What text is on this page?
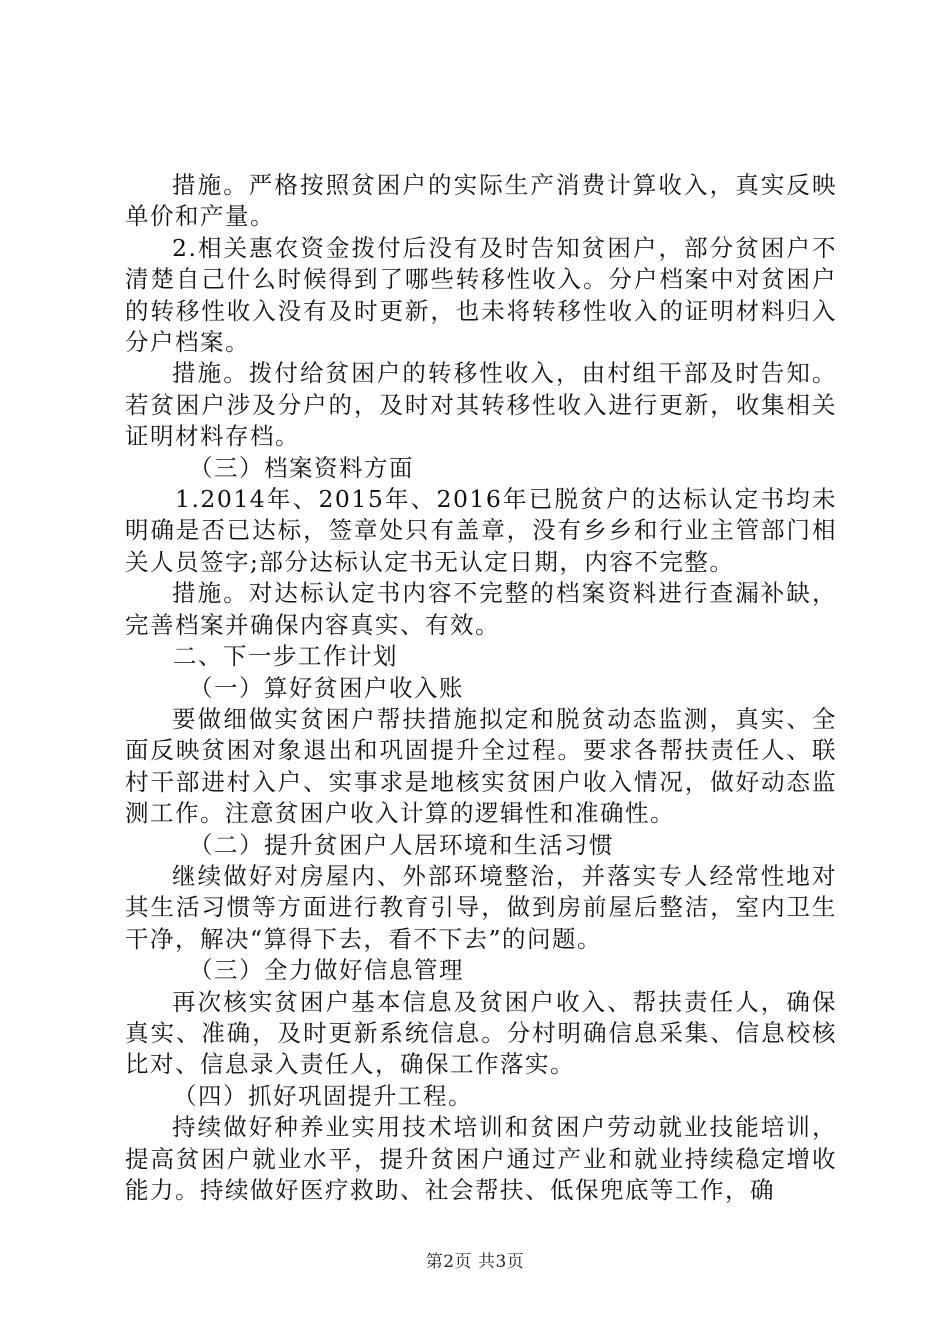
措施。严格按照贫困户的实际生产消费计算收入，真实反映单价和产量。

2.相关惠农资金拨付后没有及时告知贫困户，部分贫困户不清楚自己什么时候得到了哪些转移性收入。分户档案中对贫困户的转移性收入没有及时更新，也未将转移性收入的证明材料归入分户档案。

措施。拨付给贫困户的转移性收入，由村组干部及时告知。若贫困户涉及分户的，及时对其转移性收入进行更新，收集相关证明材料存档。

（三）档案资料方面

1.2014年、2015年、2016年已脱贫户的达标认定书均未明确是否已达标，签章处只有盖章，没有乡乡和行业主管部门相关人员签字;部分达标认定书无认定日期，内容不完整。

措施。对达标认定书内容不完整的档案资料进行查漏补缺，完善档案并确保内容真实、有效。

二、下一步工作计划

（一）算好贫困户收入账

要做细做实贫困户帮扶措施拟定和脱贫动态监测，真实、全面反映贫困对象退出和巩固提升全过程。要求各帮扶责任人、联村干部进村入户、实事求是地核实贫困户收入情况，做好动态监测工作。注意贫困户收入计算的逻辑性和准确性。

（二）提升贫困户人居环境和生活习惯

继续做好对房屋内、外部环境整治，并落实专人经常性地对其生活习惯等方面进行教育引导，做到房前屋后整洁，室内卫生干净，解决“算得下去，看不下去”的问题。

（三）全力做好信息管理

再次核实贫困户基本信息及贫困户收入、帮扶责任人，确保真实、准确，及时更新系统信息。分村明确信息采集、信息校核比对、信息录入责任人，确保工作落实。

（四）抓好巩固提升工程。

持续做好种养业实用技术培训和贫困户劳动就业技能培训，提高贫困户就业水平，提升贫困户通过产业和就业持续稳定增收能力。持续做好医疗救助、社会帮扶、低保兜底等工作，确

第2页 共3页
